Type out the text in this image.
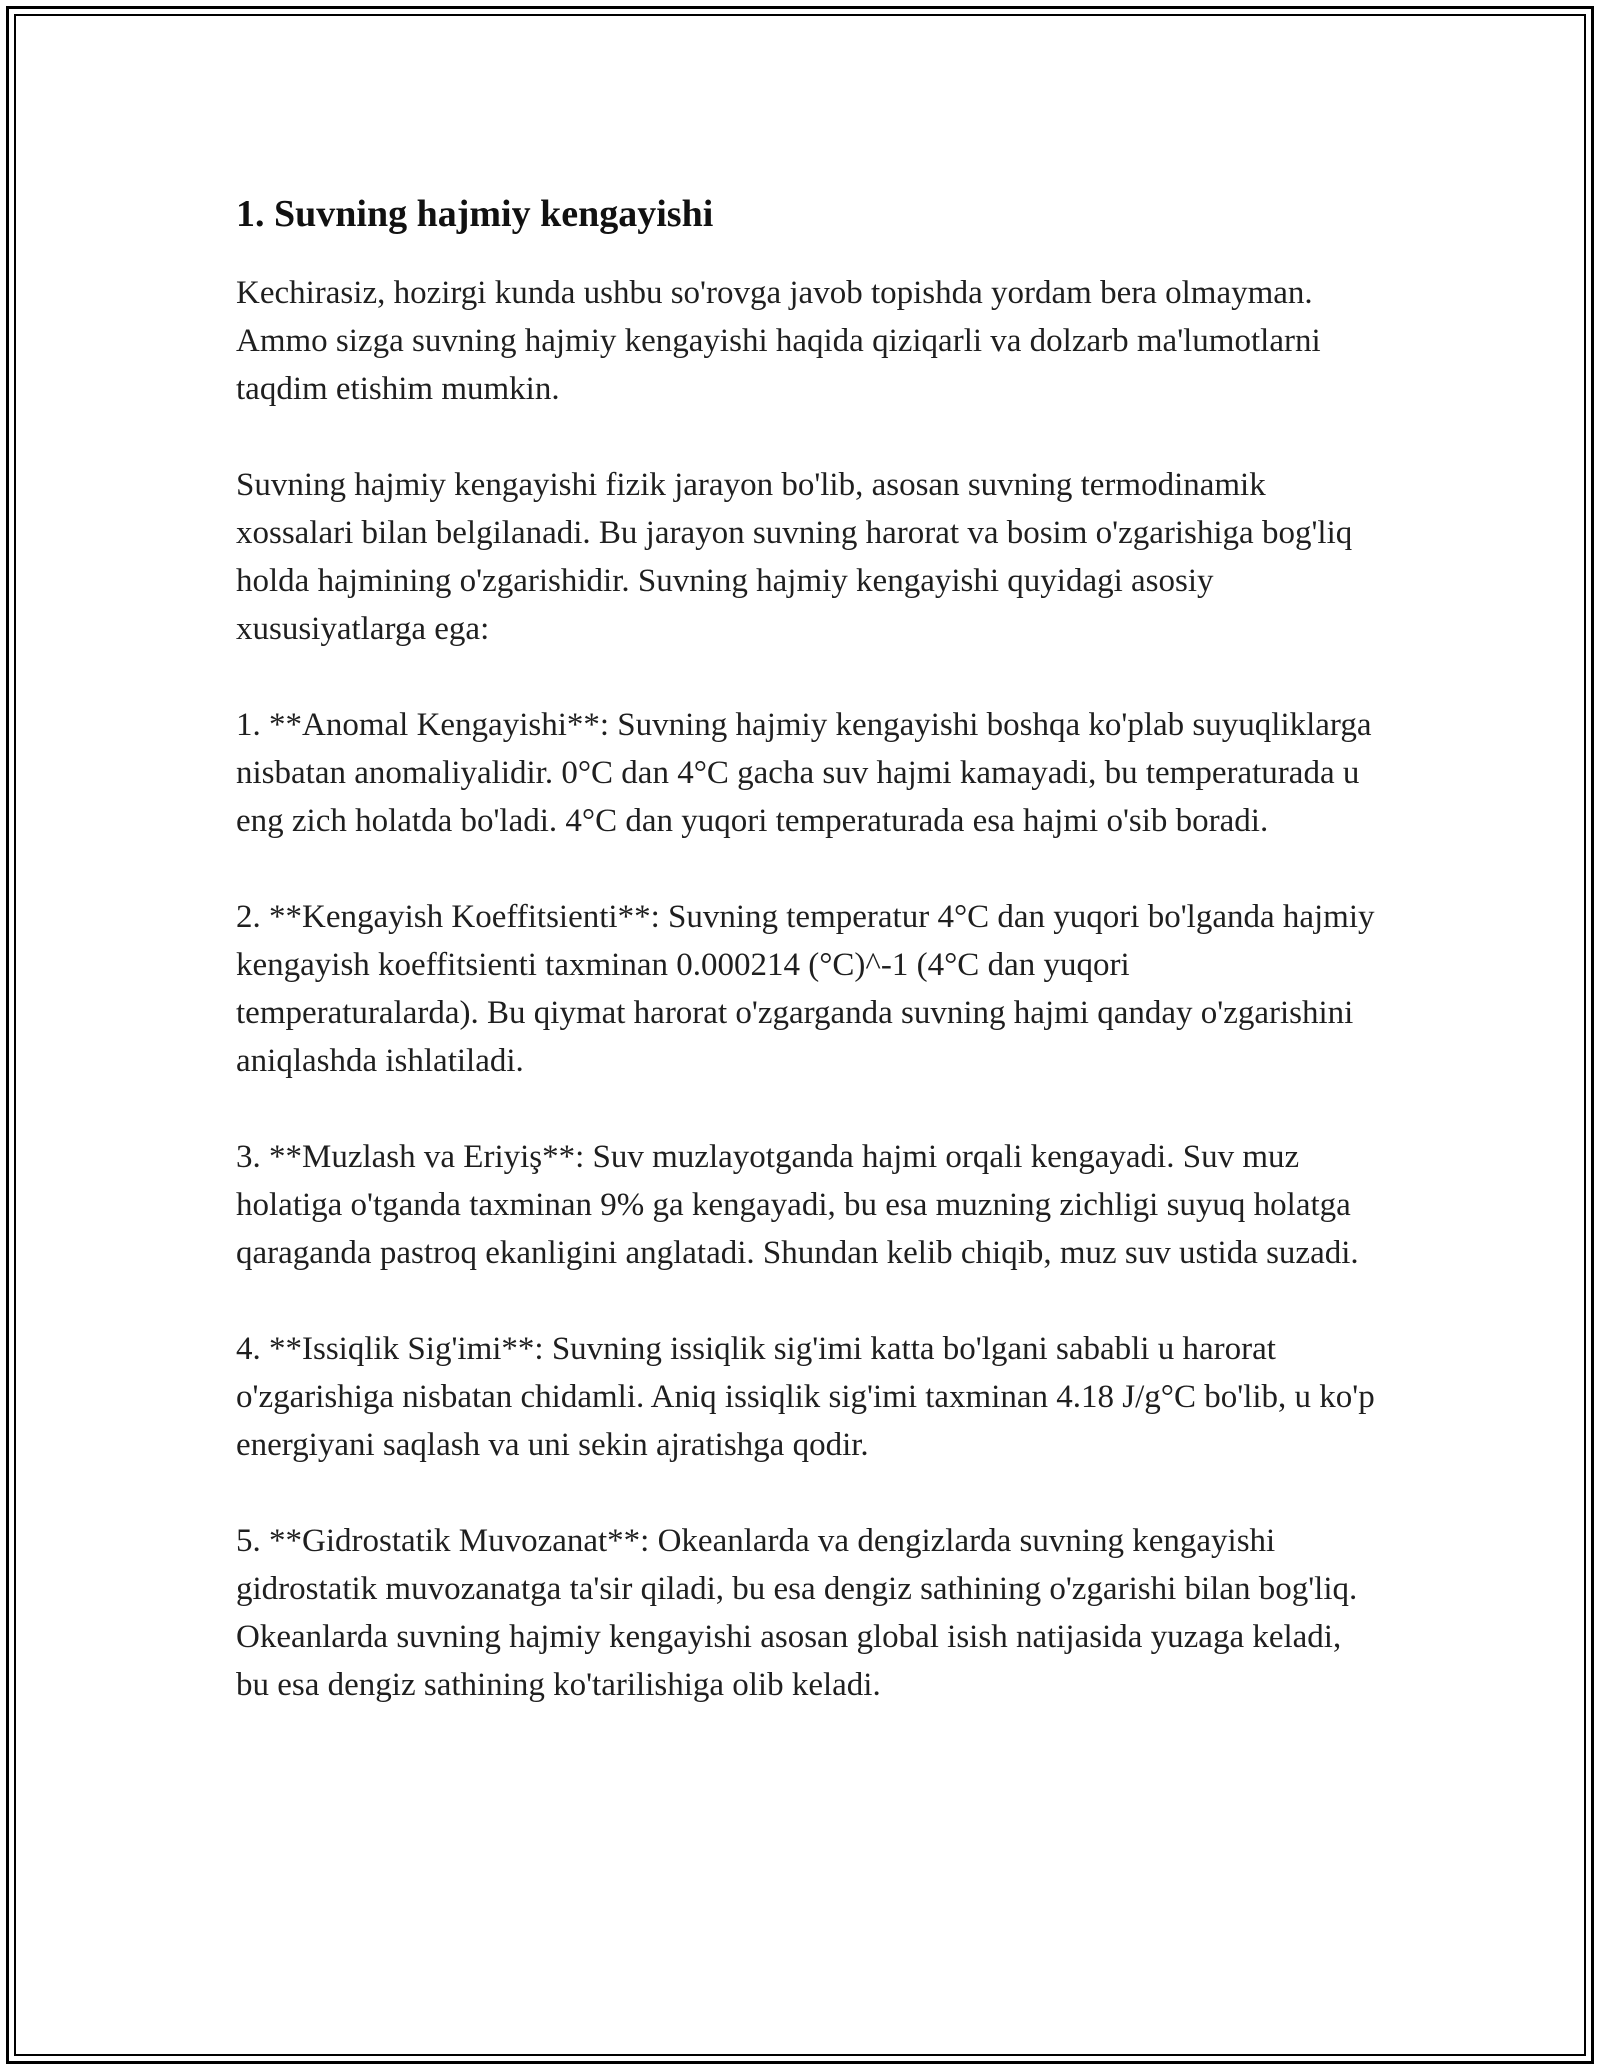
1. Suvning hajmiy kengayishi

Kechirasiz, hozirgi kunda ushbu so'rovga javob topishda yordam bera olmayman. Ammo sizga suvning hajmiy kengayishi haqida qiziqarli va dolzarb ma'lumotlarni taqdim etishim mumkin.

Suvning hajmiy kengayishi fizik jarayon bo'lib, asosan suvning termodinamik xossalari bilan belgilanadi. Bu jarayon suvning harorat va bosim o'zgarishiga bog'liq holda hajmining o'zgarishidir. Suvning hajmiy kengayishi quyidagi asosiy xususiyatlarga ega:

1. **Anomal Kengayishi**: Suvning hajmiy kengayishi boshqa ko'plab suyuqliklarga nisbatan anomaliyalidir. 0°C dan 4°C gacha suv hajmi kamayadi, bu temperaturada u eng zich holatda bo'ladi. 4°C dan yuqori temperaturada esa hajmi o'sib boradi.

2. **Kengayish Koeffitsienti**: Suvning temperatur 4°C dan yuqori bo'lganda hajmiy kengayish koeffitsienti taxminan 0.000214 (°C)^-1 (4°C dan yuqori temperaturalarda). Bu qiymat harorat o'zgarganda suvning hajmi qanday o'zgarishini aniqlashda ishlatiladi.

3. **Muzlash va Eriyiş**: Suv muzlayotganda hajmi orqali kengayadi. Suv muz holatiga o'tganda taxminan 9% ga kengayadi, bu esa muzning zichligi suyuq holatga qaraganda pastroq ekanligini anglatadi. Shundan kelib chiqib, muz suv ustida suzadi.

4. **Issiqlik Sig'imi**: Suvning issiqlik sig'imi katta bo'lgani sababli u harorat o'zgarishiga nisbatan chidamli. Aniq issiqlik sig'imi taxminan 4.18 J/g°C bo'lib, u ko'p energiyani saqlash va uni sekin ajratishga qodir.

5. **Gidrostatik Muvozanat**: Okeanlarda va dengizlarda suvning kengayishi gidrostatik muvozanatga ta'sir qiladi, bu esa dengiz sathining o'zgarishi bilan bog'liq. Okeanlarda suvning hajmiy kengayishi asosan global isish natijasida yuzaga keladi, bu esa dengiz sathining ko'tarilishiga olib keladi.
